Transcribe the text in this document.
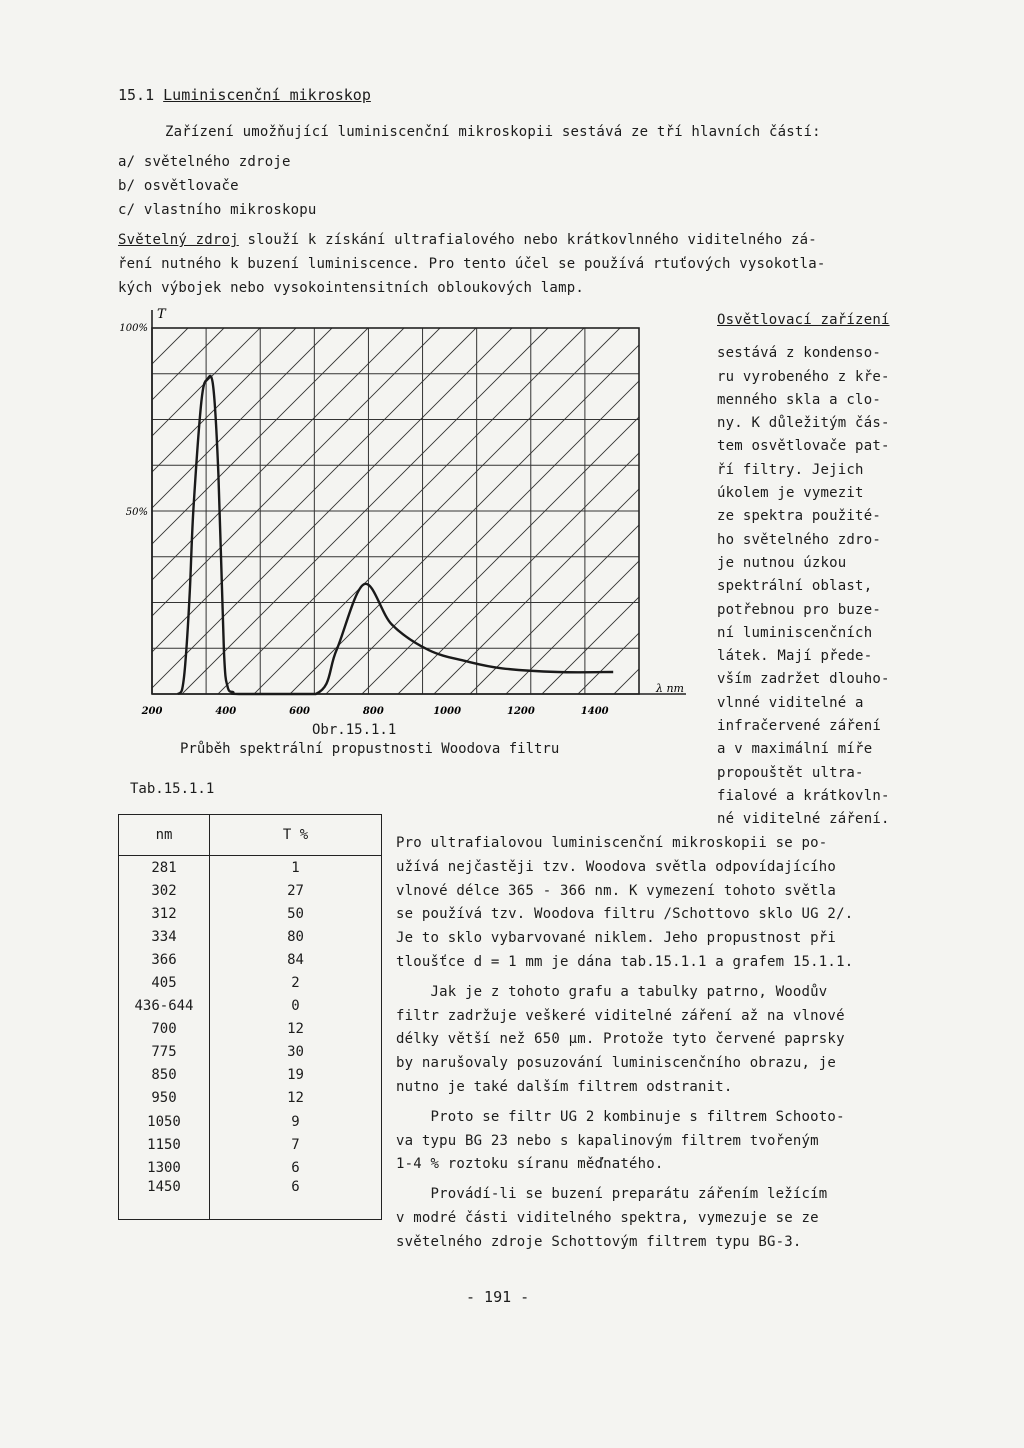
15.1 Luminiscenční mikroskop
Zařízení umožňující luminiscenční mikroskopii sestává ze tří hlavních částí:
a/ světelného zdroje
b/ osvětlovače
c/ vlastního mikroskopu
Světelný zdroj slouží k získání ultrafialového nebo krátkovlnného viditelného zá-
ření nutného k buzení luminiscence. Pro tento účel se používá rtuťových vysokotla-
kých výbojek nebo vysokointensitních obloukových lamp.
T
λ nm
100%
50%
200	400	600	800	1000	1200	1400
Obr.15.1.1
Průběh spektrální propustnosti Woodova filtru
Osvětlovací zařízení
sestává z kondenso-
ru vyrobeného z kře-
menného skla a clo-
ny. K důležitým čás-
tem osvětlovače pat-
ří filtry. Jejich
úkolem je vymezit
ze spektra použité-
ho světelného zdro-
je nutnou úzkou
spektrální oblast,
potřebnou pro buze-
ní luminiscenčních
látek. Mají přede-
vším zadržet dlouho-
vlnné viditelné a
infračervené záření
a v maximální míře
propouštět ultra-
fialové a krátkovln-
né viditelné záření.
Tab.15.1.1
nm	T %
281	1
302	27
312	50
334	80
366	84
405	2
436-644	0
700	12
775	30
850	19
950	12
1050	9
1150	7
1300	6
1450	6
Pro ultrafialovou luminiscenční mikroskopii se po-
užívá nejčastěji tzv. Woodova světla odpovídajícího
vlnové délce 365 - 366 nm. K vymezení tohoto světla
se používá tzv. Woodova filtru /Schottovo sklo UG 2/.
Je to sklo vybarvované niklem. Jeho propustnost při
tloušťce d = 1 mm je dána tab.15.1.1 a grafem 15.1.1.
Jak je z tohoto grafu a tabulky patrno, Woodův
filtr zadržuje veškeré viditelné záření až na vlnové
délky větší než 650 μm. Protože tyto červené paprsky
by narušovaly posuzování luminiscenčního obrazu, je
nutno je také dalším filtrem odstranit.
Proto se filtr UG 2 kombinuje s filtrem Schooto-
va typu BG 23 nebo s kapalinovým filtrem tvořeným
1-4 % roztoku síranu měďnatého.
Provádí-li se buzení preparátu zářením ležícím
v modré části viditelného spektra, vymezuje se ze
světelného zdroje Schottovým filtrem typu BG-3.
- 191 -
